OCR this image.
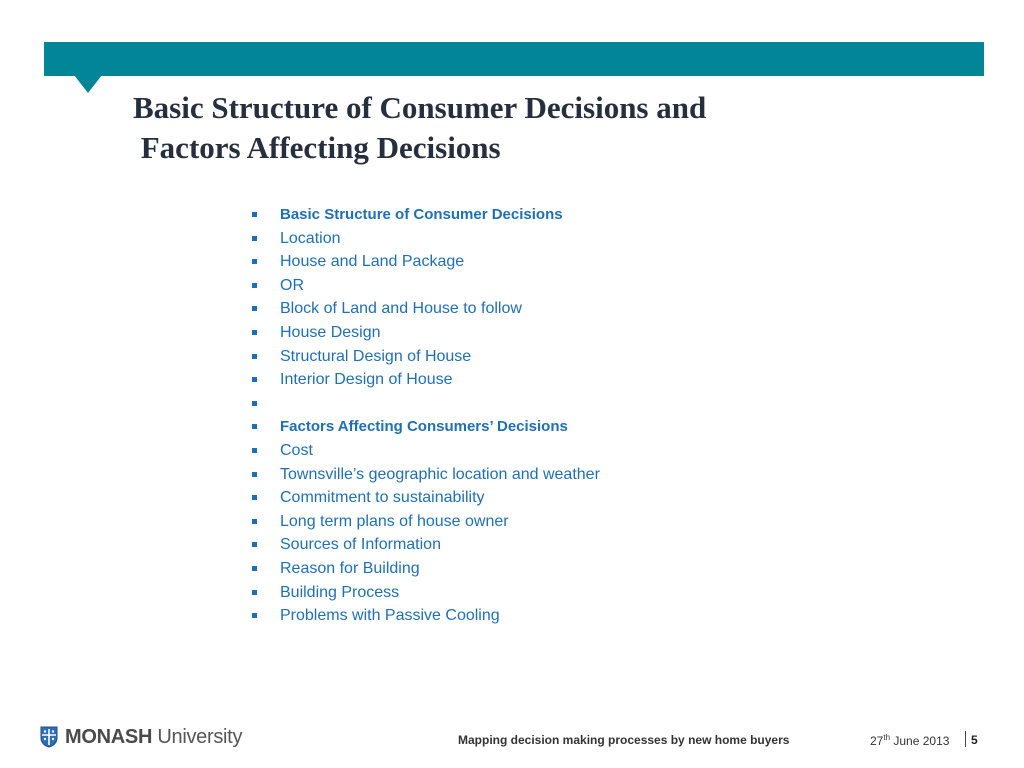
Basic Structure of Consumer Decisions and
Factors Affecting Decisions
Basic Structure of Consumer Decisions
Location
House and Land Package
OR
Block of Land and House to follow
House Design
Structural Design of House
Interior Design of House
Factors Affecting Consumers’ Decisions
Cost
Townsville’s geographic location and weather
Commitment to sustainability
Long term plans of house owner
Sources of Information
Reason for Building
Building Process
Problems with Passive Cooling
MONASH University	Mapping decision making processes by new home buyers	27th June 2013 5
